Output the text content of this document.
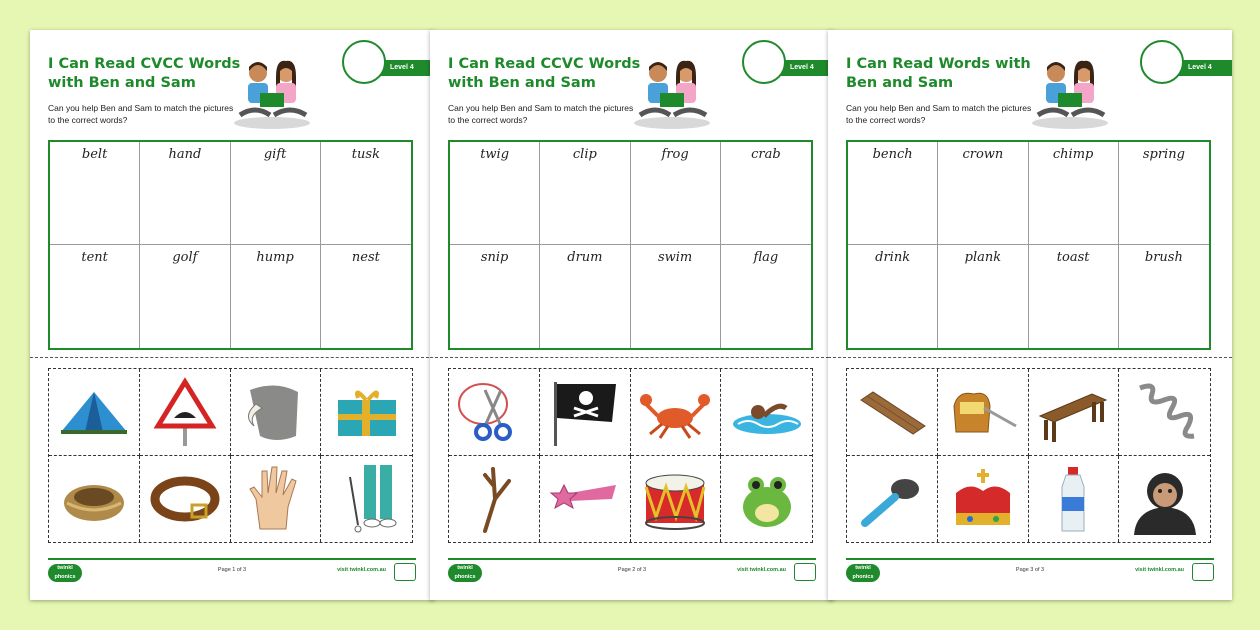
I Can Read CVCC Words with Ben and Sam
Can you help Ben and Sam to match the pictures to the correct words?
Level 4
belt	hand	gift	tusk
tent	golf	hump	nest
twinkl phonics
Page 1 of 3	visit twinkl.com.au
I Can Read CCVC Words with Ben and Sam
Can you help Ben and Sam to match the pictures to the correct words?
Level 4
twig	clip	frog	crab
snip	drum	swim	flag
twinkl phonics
Page 2 of 3	visit twinkl.com.au
I Can Read Words with Ben and Sam
Can you help Ben and Sam to match the pictures to the correct words?
Level 4
bench	crown	chimp	spring
drink	plank	toast	brush
twinkl phonics
Page 3 of 3	visit twinkl.com.au
